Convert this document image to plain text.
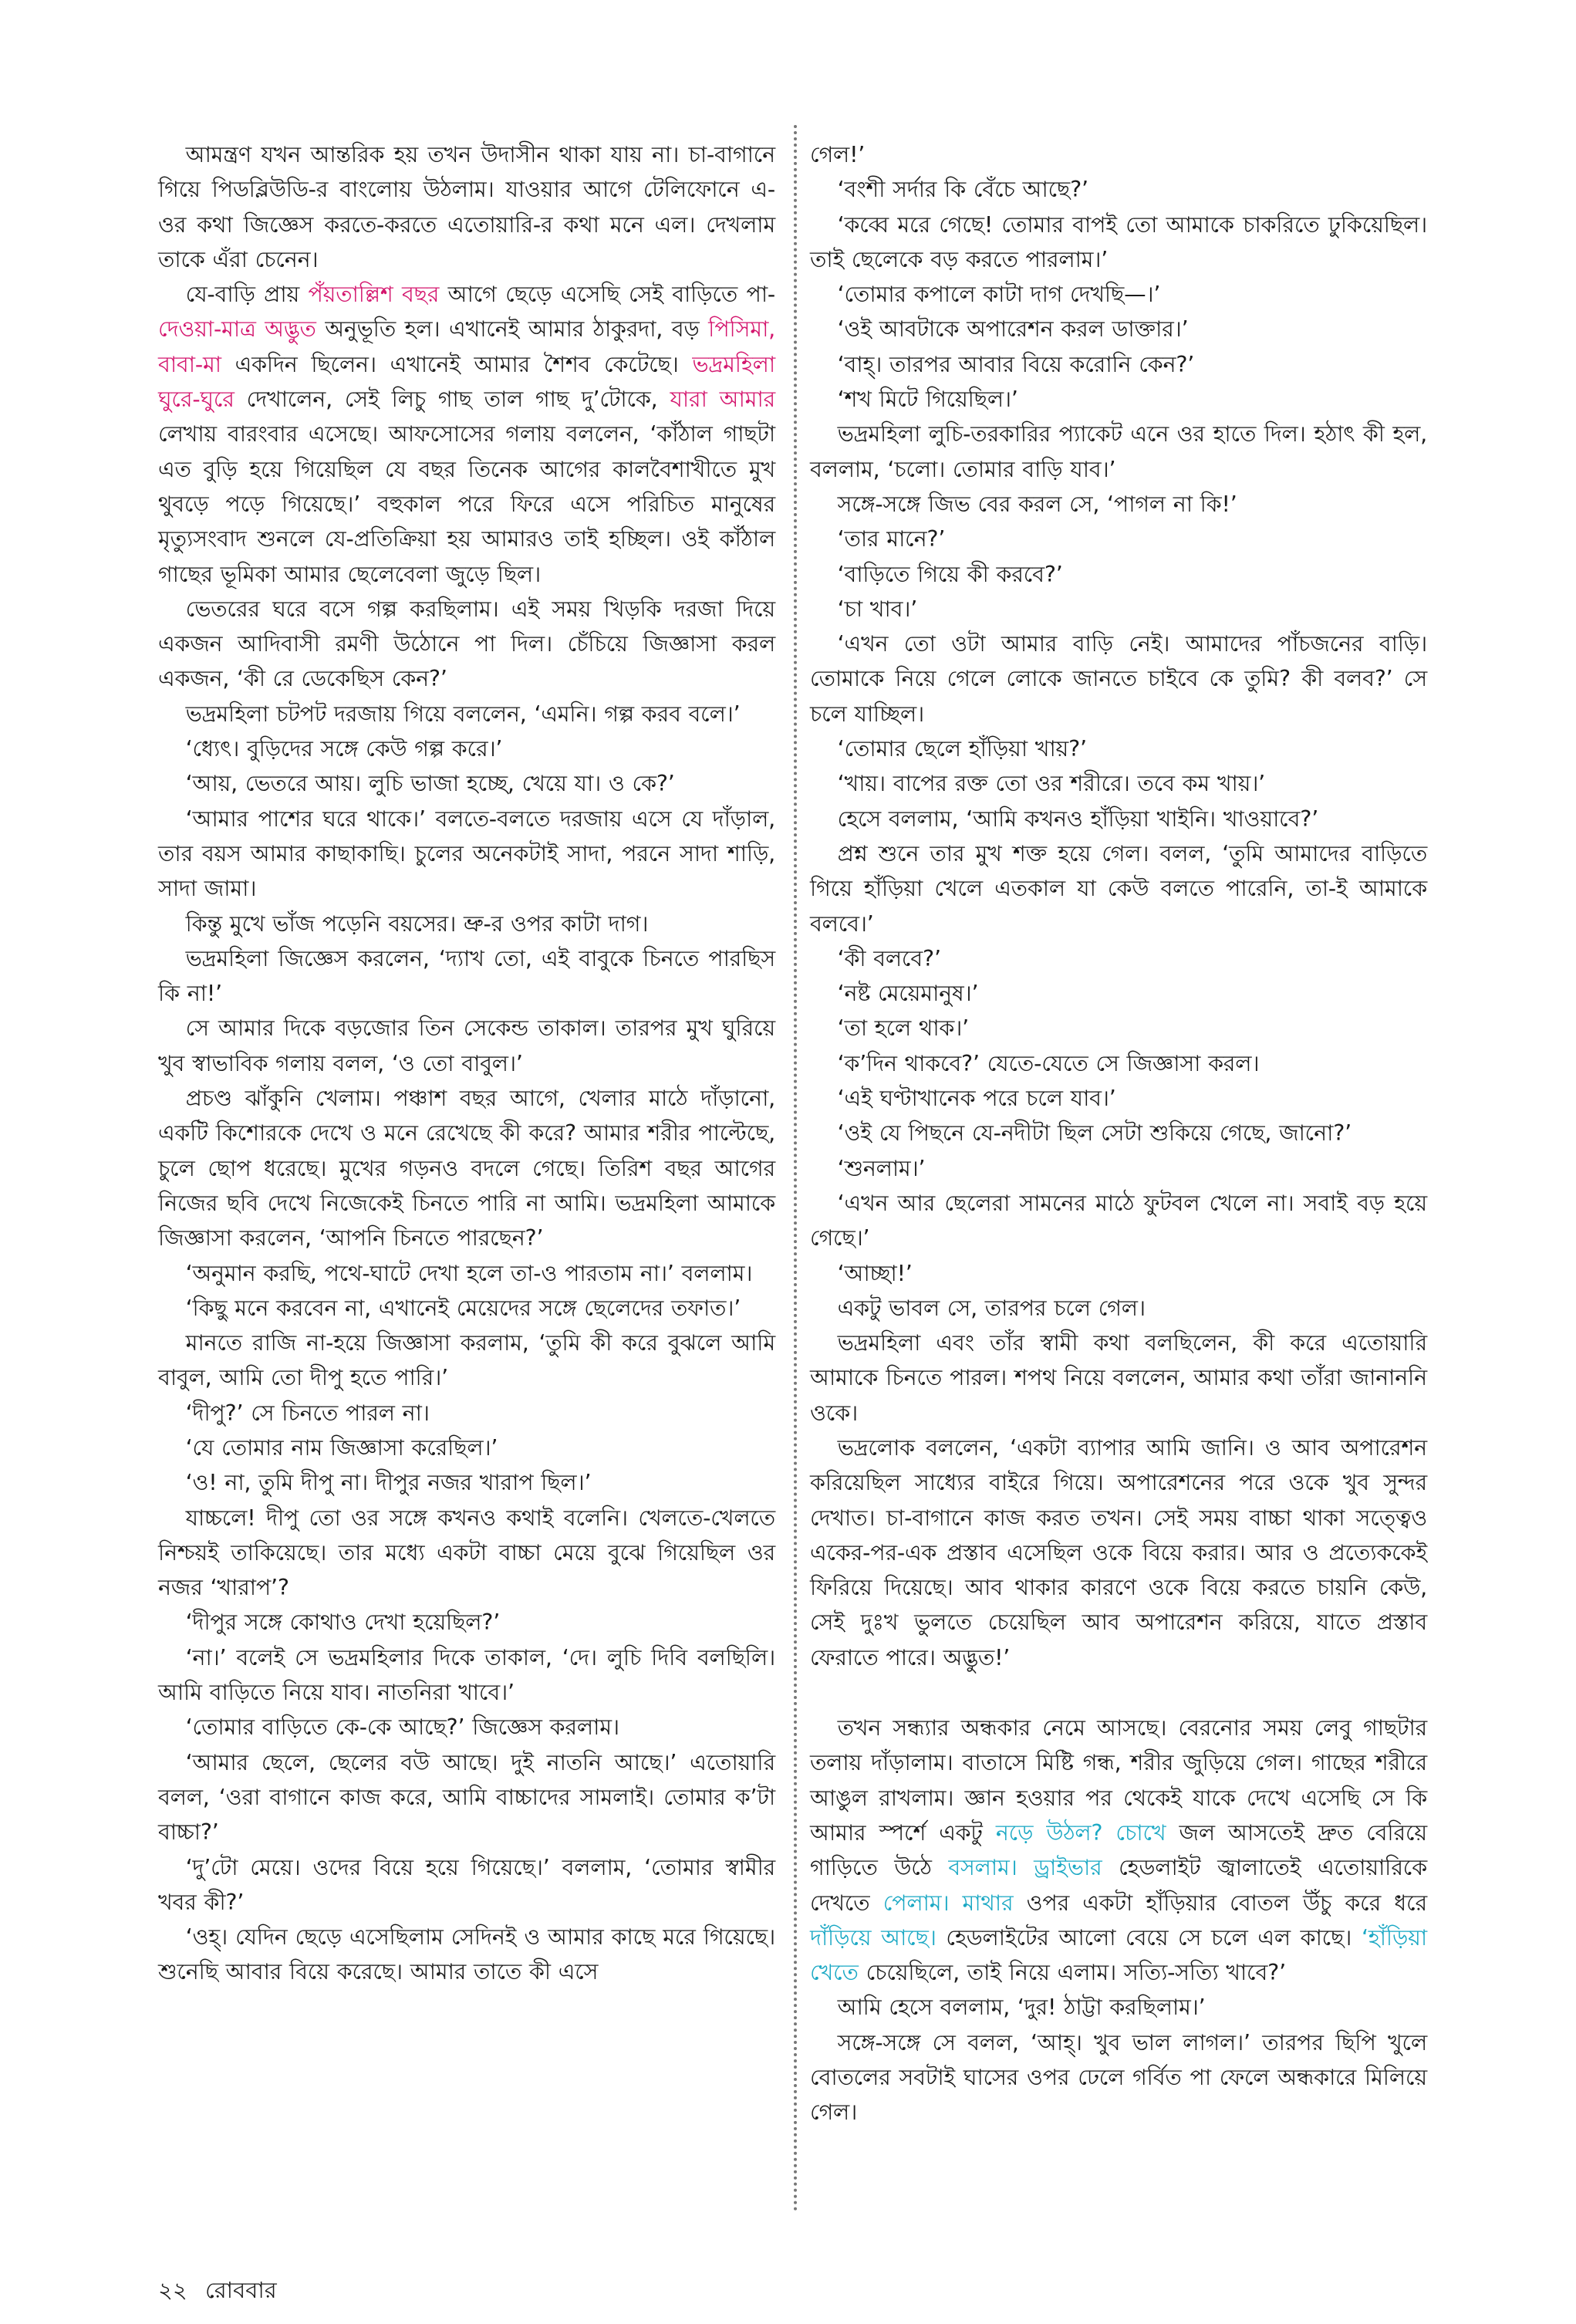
আমন্ত্রণ যখন আন্তরিক হয় তখন উদাসীন থাকা যায় না। চা-বাগানে গিয়ে পিডব্লিউডি-র বাংলোয় উঠলাম। যাওয়ার আগে টেলিফোনে এ-ওর কথা জিজ্ঞেস করতে-করতে এতোয়ারি-র কথা মনে এল। দেখলাম তাকে এঁরা চেনেন।

যে-বাড়ি প্রায় পঁয়তাল্লিশ বছর আগে ছেড়ে এসেছি সেই বাড়িতে পা-দেওয়া-মাত্র অদ্ভুত অনুভূতি হল। এখানেই আমার ঠাকুরদা, বড় পিসিমা, বাবা-মা একদিন ছিলেন। এখানেই আমার শৈশব কেটেছে। ভদ্রমহিলা ঘুরে-ঘুরে দেখালেন, সেই লিচু গাছ তাল গাছ দু’টোকে, যারা আমার লেখায় বারংবার এসেছে। আফসোসের গলায় বললেন, ‘কাঁঠাল গাছটা এত বুড়ি হয়ে গিয়েছিল যে বছর তিনেক আগের কালবৈশাখীতে মুখ থুবড়ে পড়ে গিয়েছে।’ বহুকাল পরে ফিরে এসে পরিচিত মানুষের মৃত্যুসংবাদ শুনলে যে-প্রতিক্রিয়া হয় আমারও তাই হচ্ছিল। ওই কাঁঠাল গাছের ভূমিকা আমার ছেলেবেলা জুড়ে ছিল।

ভেতরের ঘরে বসে গল্প করছিলাম। এই সময় খিড়কি দরজা দিয়ে একজন আদিবাসী রমণী উঠোনে পা দিল। চেঁচিয়ে জিজ্ঞাসা করল একজন, ‘কী রে ডেকেছিস কেন?’

ভদ্রমহিলা চটপট দরজায় গিয়ে বললেন, ‘এমনি। গল্প করব বলে।’

‘ধ্যেৎ। বুড়িদের সঙ্গে কেউ গল্প করে।’

‘আয়, ভেতরে আয়। লুচি ভাজা হচ্ছে, খেয়ে যা। ও কে?’

‘আমার পাশের ঘরে থাকে।’ বলতে-বলতে দরজায় এসে যে দাঁড়াল, তার বয়স আমার কাছাকাছি। চুলের অনেকটাই সাদা, পরনে সাদা শাড়ি, সাদা জামা।

কিন্তু মুখে ভাঁজ পড়েনি বয়সের। ভ্রু-র ওপর কাটা দাগ।

ভদ্রমহিলা জিজ্ঞেস করলেন, ‘দ্যাখ তো, এই বাবুকে চিনতে পারছিস কি না!’

সে আমার দিকে বড়জোর তিন সেকেন্ড তাকাল। তারপর মুখ ঘুরিয়ে খুব স্বাভাবিক গলায় বলল, ‘ও তো বাবুল।’

প্রচণ্ড ঝাঁকুনি খেলাম। পঞ্চাশ বছর আগে, খেলার মাঠে দাঁড়ানো, একটি কিশোরকে দেখে ও মনে রেখেছে কী করে? আমার শরীর পাল্টেছে, চুলে ছোপ ধরেছে। মুখের গড়নও বদলে গেছে। তিরিশ বছর আগের নিজের ছবি দেখে নিজেকেই চিনতে পারি না আমি। ভদ্রমহিলা আমাকে জিজ্ঞাসা করলেন, ‘আপনি চিনতে পারছেন?’

‘অনুমান করছি, পথে-ঘাটে দেখা হলে তা-ও পারতাম না।’ বললাম।

‘কিছু মনে করবেন না, এখানেই মেয়েদের সঙ্গে ছেলেদের তফাত।’

মানতে রাজি না-হয়ে জিজ্ঞাসা করলাম, ‘তুমি কী করে বুঝলে আমি বাবুল, আমি তো দীপু হতে পারি।’

‘দীপু?’ সে চিনতে পারল না।

‘যে তোমার নাম জিজ্ঞাসা করেছিল।’

‘ও! না, তুমি দীপু না। দীপুর নজর খারাপ ছিল।’

যাচ্চলে! দীপু তো ওর সঙ্গে কখনও কথাই বলেনি। খেলতে-খেলতে নিশ্চয়ই তাকিয়েছে। তার মধ্যে একটা বাচ্চা মেয়ে বুঝে গিয়েছিল ওর নজর ‘খারাপ’?

‘দীপুর সঙ্গে কোথাও দেখা হয়েছিল?’

‘না।’ বলেই সে ভদ্রমহিলার দিকে তাকাল, ‘দে। লুচি দিবি বলছিলি। আমি বাড়িতে নিয়ে যাব। নাতনিরা খাবে।’

‘তোমার বাড়িতে কে-কে আছে?’ জিজ্ঞেস করলাম।

‘আমার ছেলে, ছেলের বউ আছে। দুই নাতনি আছে।’ এতোয়ারি বলল, ‘ওরা বাগানে কাজ করে, আমি বাচ্চাদের সামলাই। তোমার ক’টা বাচ্চা?’

‘দু’টো মেয়ে। ওদের বিয়ে হয়ে গিয়েছে।’ বললাম, ‘তোমার স্বামীর খবর কী?’

‘ওহ্‌। যেদিন ছেড়ে এসেছিলাম সেদিনই ও আমার কাছে মরে গিয়েছে। শুনেছি আবার বিয়ে করেছে। আমার তাতে কী এসে

গেল!’

‘বংশী সর্দার কি বেঁচে আছে?’

‘কব্বে মরে গেছে! তোমার বাপই তো আমাকে চাকরিতে ঢুকিয়েছিল। তাই ছেলেকে বড় করতে পারলাম।’

‘তোমার কপালে কাটা দাগ দেখছি—।’

‘ওই আবটাকে অপারেশন করল ডাক্তার।’

‘বাহ্‌। তারপর আবার বিয়ে করোনি কেন?’

‘শখ মিটে গিয়েছিল।’

ভদ্রমহিলা লুচি-তরকারির প্যাকেট এনে ওর হাতে দিল। হঠাৎ কী হল, বললাম, ‘চলো। তোমার বাড়ি যাব।’

সঙ্গে-সঙ্গে জিভ বের করল সে, ‘পাগল না কি!’

‘তার মানে?’

‘বাড়িতে গিয়ে কী করবে?’

‘চা খাব।’

‘এখন তো ওটা আমার বাড়ি নেই। আমাদের পাঁচজনের বাড়ি। তোমাকে নিয়ে গেলে লোকে জানতে চাইবে কে তুমি? কী বলব?’ সে চলে যাচ্ছিল।

‘তোমার ছেলে হাঁড়িয়া খায়?’

‘খায়। বাপের রক্ত তো ওর শরীরে। তবে কম খায়।’

হেসে বললাম, ‘আমি কখনও হাঁড়িয়া খাইনি। খাওয়াবে?’

প্রশ্ন শুনে তার মুখ শক্ত হয়ে গেল। বলল, ‘তুমি আমাদের বাড়িতে গিয়ে হাঁড়িয়া খেলে এতকাল যা কেউ বলতে পারেনি, তা-ই আমাকে বলবে।’

‘কী বলবে?’

‘নষ্ট মেয়েমানুষ।’

‘তা হলে থাক।’

‘ক’দিন থাকবে?’ যেতে-যেতে সে জিজ্ঞাসা করল।

‘এই ঘণ্টাখানেক পরে চলে যাব।’

‘ওই যে পিছনে যে-নদীটা ছিল সেটা শুকিয়ে গেছে, জানো?’

‘শুনলাম।’

‘এখন আর ছেলেরা সামনের মাঠে ফুটবল খেলে না। সবাই বড় হয়ে গেছে।’

‘আচ্ছা!’

একটু ভাবল সে, তারপর চলে গেল।

ভদ্রমহিলা এবং তাঁর স্বামী কথা বলছিলেন, কী করে এতোয়ারি আমাকে চিনতে পারল। শপথ নিয়ে বললেন, আমার কথা তাঁরা জানাননি ওকে।

ভদ্রলোক বললেন, ‘একটা ব্যাপার আমি জানি। ও আব অপারেশন করিয়েছিল সাধ্যের বাইরে গিয়ে। অপারেশনের পরে ওকে খুব সুন্দর দেখাত। চা-বাগানে কাজ করত তখন। সেই সময় বাচ্চা থাকা সত্ত্বেও একের-পর-এক প্রস্তাব এসেছিল ওকে বিয়ে করার। আর ও প্রত্যেককেই ফিরিয়ে দিয়েছে। আব থাকার কারণে ওকে বিয়ে করতে চায়নি কেউ, সেই দুঃখ ভুলতে চেয়েছিল আব অপারেশন করিয়ে, যাতে প্রস্তাব ফেরাতে পারে। অদ্ভুত!’

তখন সন্ধ্যার অন্ধকার নেমে আসছে। বেরনোর সময় লেবু গাছটার তলায় দাঁড়ালাম। বাতাসে মিষ্টি গন্ধ, শরীর জুড়িয়ে গেল। গাছের শরীরে আঙুল রাখলাম। জ্ঞান হওয়ার পর থেকেই যাকে দেখে এসেছি সে কি আমার স্পর্শে একটু নড়ে উঠল? চোখে জল আসতেই দ্রুত বেরিয়ে গাড়িতে উঠে বসলাম। ড্রাইভার হেডলাইট জ্বালাতেই এতোয়ারিকে দেখতে পেলাম। মাথার ওপর একটা হাঁড়িয়ার বোতল উঁচু করে ধরে দাঁড়িয়ে আছে। হেডলাইটের আলো বেয়ে সে চলে এল কাছে। ‘হাঁড়িয়া খেতে চেয়েছিলে, তাই নিয়ে এলাম। সত্যি-সত্যি খাবে?’

আমি হেসে বললাম, ‘দুর! ঠাট্টা করছিলাম।’

সঙ্গে-সঙ্গে সে বলল, ‘আহ্‌। খুব ভাল লাগল।’ তারপর ছিপি খুলে বোতলের সবটাই ঘাসের ওপর ঢেলে গর্বিত পা ফেলে অন্ধকারে মিলিয়ে গেল।

২২ রোববার
